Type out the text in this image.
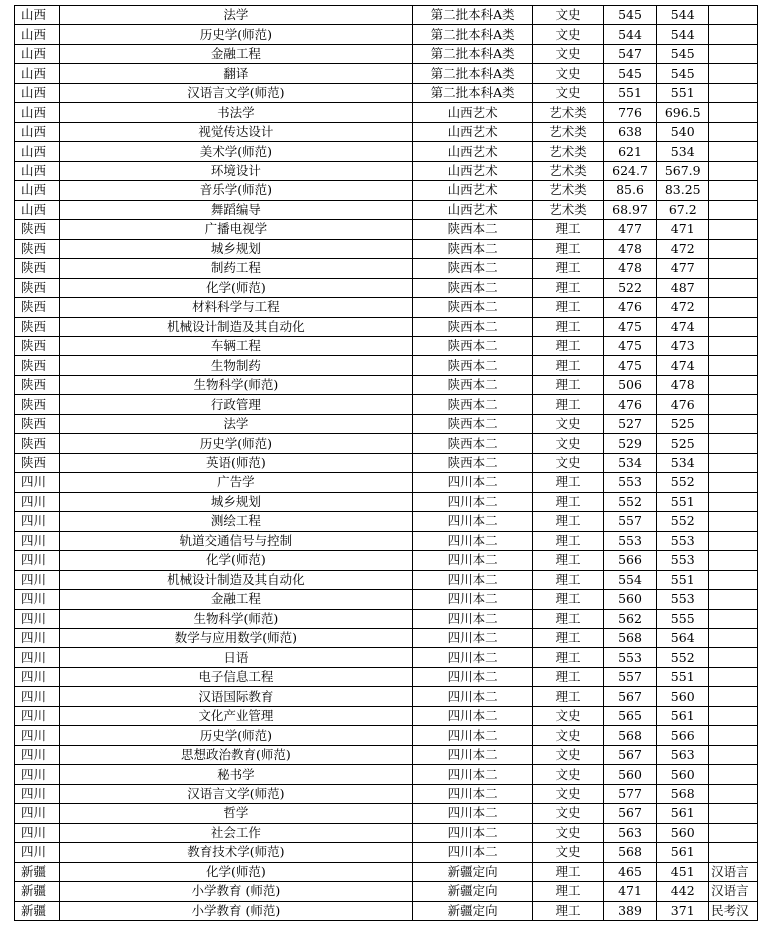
山西	法学	第二批本科A类	文史	545	544	
山西	历史学(师范)	第二批本科A类	文史	544	544	
山西	金融工程	第二批本科A类	文史	547	545	
山西	翻译	第二批本科A类	文史	545	545	
山西	汉语言文学(师范)	第二批本科A类	文史	551	551	
山西	书法学	山西艺术	艺术类	776	696.5	
山西	视觉传达设计	山西艺术	艺术类	638	540	
山西	美术学(师范)	山西艺术	艺术类	621	534	
山西	环境设计	山西艺术	艺术类	624.7	567.9	
山西	音乐学(师范)	山西艺术	艺术类	85.6	83.25	
山西	舞蹈编导	山西艺术	艺术类	68.97	67.2	
陕西	广播电视学	陕西本二	理工	477	471	
陕西	城乡规划	陕西本二	理工	478	472	
陕西	制药工程	陕西本二	理工	478	477	
陕西	化学(师范)	陕西本二	理工	522	487	
陕西	材料科学与工程	陕西本二	理工	476	472	
陕西	机械设计制造及其自动化	陕西本二	理工	475	474	
陕西	车辆工程	陕西本二	理工	475	473	
陕西	生物制药	陕西本二	理工	475	474	
陕西	生物科学(师范)	陕西本二	理工	506	478	
陕西	行政管理	陕西本二	理工	476	476	
陕西	法学	陕西本二	文史	527	525	
陕西	历史学(师范)	陕西本二	文史	529	525	
陕西	英语(师范)	陕西本二	文史	534	534	
四川	广告学	四川本二	理工	553	552	
四川	城乡规划	四川本二	理工	552	551	
四川	测绘工程	四川本二	理工	557	552	
四川	轨道交通信号与控制	四川本二	理工	553	553	
四川	化学(师范)	四川本二	理工	566	553	
四川	机械设计制造及其自动化	四川本二	理工	554	551	
四川	金融工程	四川本二	理工	560	553	
四川	生物科学(师范)	四川本二	理工	562	555	
四川	数学与应用数学(师范)	四川本二	理工	568	564	
四川	日语	四川本二	理工	553	552	
四川	电子信息工程	四川本二	理工	557	551	
四川	汉语国际教育	四川本二	理工	567	560	
四川	文化产业管理	四川本二	文史	565	561	
四川	历史学(师范)	四川本二	文史	568	566	
四川	思想政治教育(师范)	四川本二	文史	567	563	
四川	秘书学	四川本二	文史	560	560	
四川	汉语言文学(师范)	四川本二	文史	577	568	
四川	哲学	四川本二	文史	567	561	
四川	社会工作	四川本二	文史	563	560	
四川	教育技术学(师范)	四川本二	文史	568	561	
新疆	化学(师范)	新疆定向	理工	465	451	汉语言
新疆	小学教育 (师范)	新疆定向	理工	471	442	汉语言
新疆	小学教育 (师范)	新疆定向	理工	389	371	民考汉
